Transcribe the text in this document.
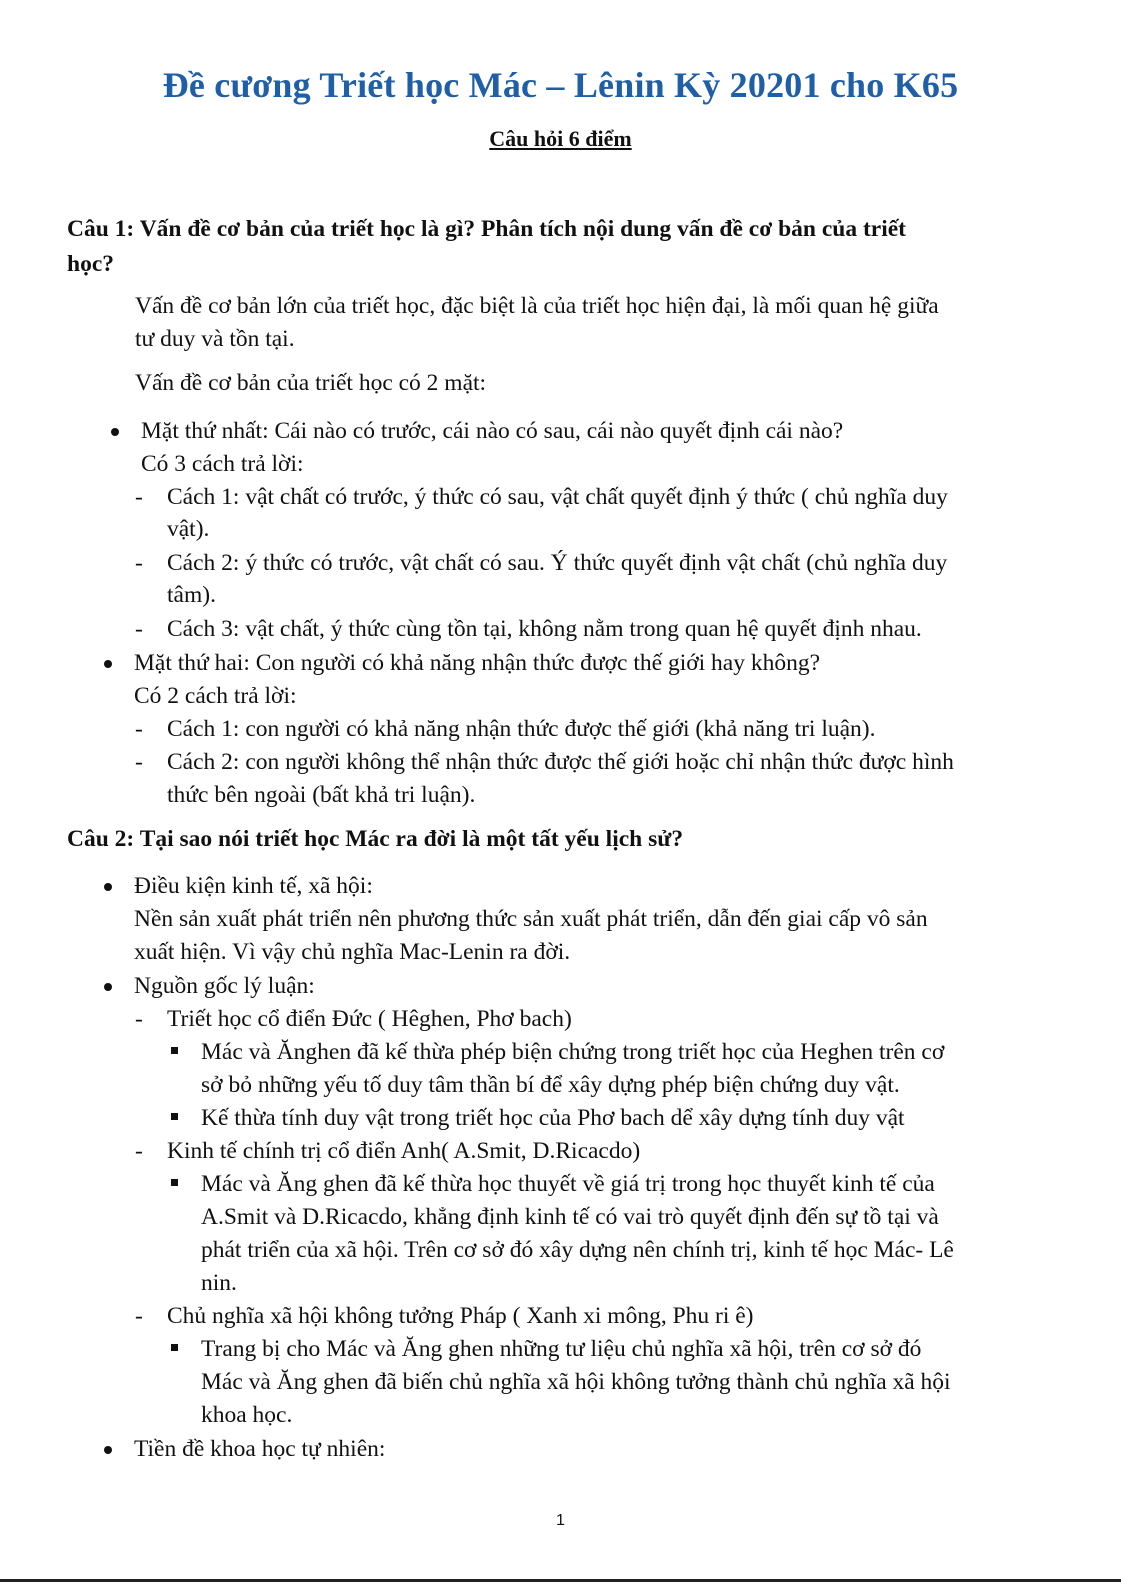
Đề cương Triết học Mác – Lênin Kỳ 20201 cho K65
Câu hỏi 6 điểm
Câu 1: Vấn đề cơ bản của triết học là gì? Phân tích nội dung vấn đề cơ bản của triết
học?
Vấn đề cơ bản lớn của triết học, đặc biệt là của triết học hiện đại, là mối quan hệ giữa
tư duy và tồn tại.
Vấn đề cơ bản của triết học có 2 mặt:
Mặt thứ nhất: Cái nào có trước, cái nào có sau, cái nào quyết định cái nào?
Có 3 cách trả lời:
- Cách 1: vật chất có trước, ý thức có sau, vật chất quyết định ý thức ( chủ nghĩa duy
vật).
- Cách 2: ý thức có trước, vật chất có sau. Ý thức quyết định vật chất (chủ nghĩa duy
tâm).
- Cách 3: vật chất, ý thức cùng tồn tại, không nằm trong quan hệ quyết định nhau.
Mặt thứ hai: Con người có khả năng nhận thức được thế giới hay không?
Có 2 cách trả lời:
- Cách 1: con người có khả năng nhận thức được thế giới (khả năng tri luận).
- Cách 2: con người không thể nhận thức được thế giới hoặc chỉ nhận thức được hình
thức bên ngoài (bất khả tri luận).
Câu 2: Tại sao nói triết học Mác ra đời là một tất yếu lịch sử?
Điều kiện kinh tế, xã hội:
Nền sản xuất phát triển nên phương thức sản xuất phát triển, dẫn đến giai cấp vô sản
xuất hiện. Vì vậy chủ nghĩa Mac-Lenin ra đời.
Nguồn gốc lý luận:
- Triết học cổ điển Đức ( Hêghen, Phơ bach)
Mác và Ănghen đã kế thừa phép biện chứng trong triết học của Heghen trên cơ
sở bỏ những yếu tố duy tâm thần bí để xây dựng phép biện chứng duy vật.
Kế thừa tính duy vật trong triết học của Phơ bach dể xây dựng tính duy vật
- Kinh tế chính trị cổ điển Anh( A.Smit, D.Ricacdo)
Mác và Ăng ghen đã kế thừa học thuyết về giá trị trong học thuyết kinh tế của
A.Smit và D.Ricacdo, khẳng định kinh tế có vai trò quyết định đến sự tồ tại và
phát triển của xã hội. Trên cơ sở đó xây dựng nên chính trị, kinh tế học Mác- Lê
nin.
- Chủ nghĩa xã hội không tưởng Pháp ( Xanh xi mông, Phu ri ê)
Trang bị cho Mác và Ăng ghen những tư liệu chủ nghĩa xã hội, trên cơ sở đó
Mác và Ăng ghen đã biến chủ nghĩa xã hội không tưởng thành chủ nghĩa xã hội
khoa học.
Tiền đề khoa học tự nhiên:
1
